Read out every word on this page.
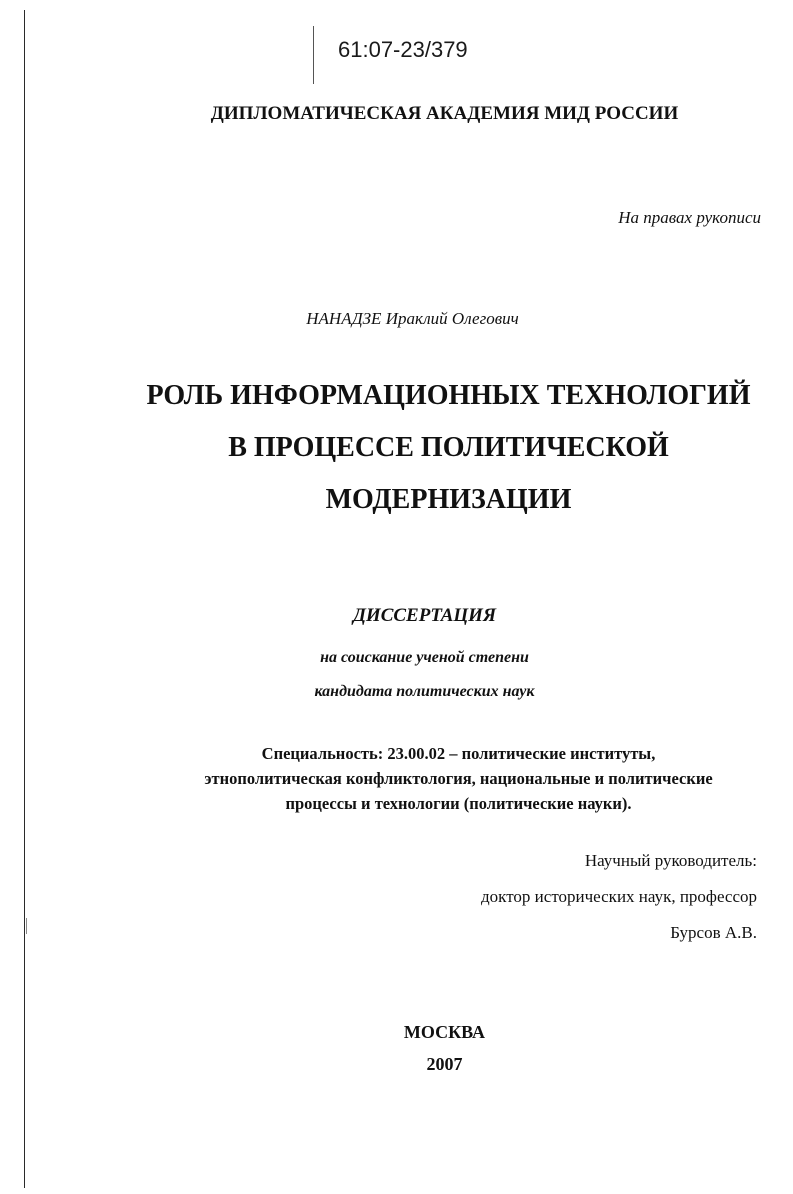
61:07-23/379
ДИПЛОМАТИЧЕСКАЯ АКАДЕМИЯ МИД РОССИИ
На правах рукописи
НАНАДЗЕ Ираклий Олегович
РОЛЬ ИНФОРМАЦИОННЫХ ТЕХНОЛОГИЙ
В ПРОЦЕССЕ ПОЛИТИЧЕСКОЙ
МОДЕРНИЗАЦИИ
ДИССЕРТАЦИЯ
на соискание ученой степени
кандидата политических наук
Специальность: 23.00.02 – политические институты,
этнополитическая конфликтология, национальные и политические
процессы и технологии (политические науки).
Научный руководитель:
доктор исторических наук, профессор
Бурсов А.В.
МОСКВА
2007
